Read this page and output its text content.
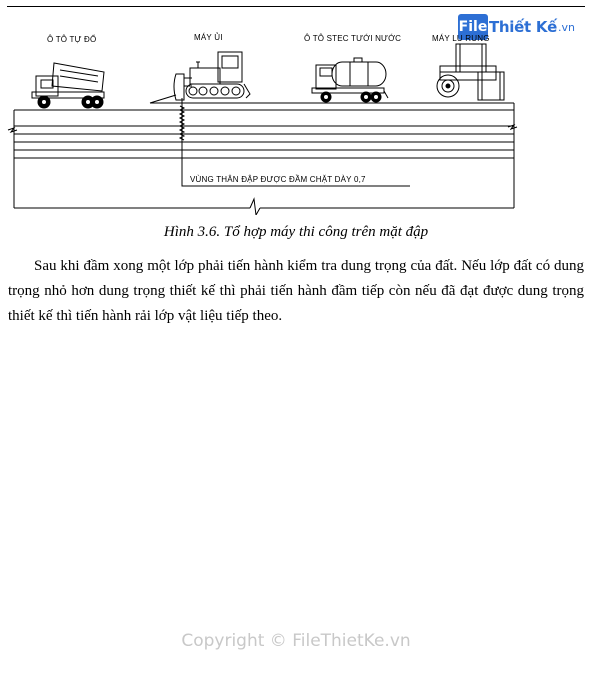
File Thiết Kế .vn
Ô TÔ TỰ ĐỔ	MÁY ỦI	Ô TÔ STEC TƯỚI NƯỚC	MÁY LU RUNG
VÙNG THÂN ĐẬP ĐƯỢC ĐẦM CHẶT DÀY 0,7
Hình 3.6. Tổ hợp máy thi công trên mặt đập

Sau khi đầm xong một lớp phải tiến hành kiểm tra dung trọng của đất. Nếu lớp đất có dung trọng nhỏ hơn dung trọng thiết kế thì phải tiến hành đầm tiếp còn nếu đã đạt được dung trọng thiết kế thì tiến hành rải lớp vật liệu tiếp theo.

Copyright © FileThietKe.vn
